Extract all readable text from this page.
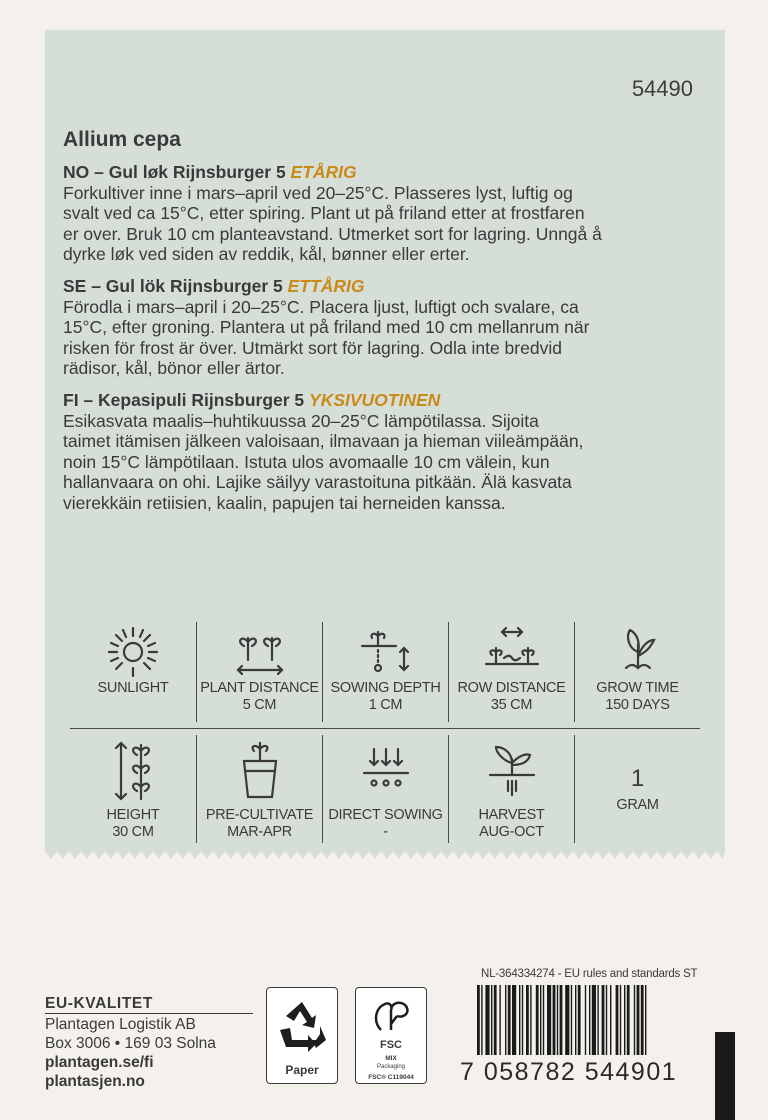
54490
Allium cepa
NO – Gul løk Rijnsburger 5 ETÅRIG
Forkultiver inne i mars–april ved 20–25°C. Plasseres lyst, luftig og
svalt ved ca 15°C, etter spiring. Plant ut på friland etter at frostfaren
er over. Bruk 10 cm planteavstand. Utmerket sort for lagring. Unngå å
dyrke løk ved siden av reddik, kål, bønner eller erter.
SE – Gul lök Rijnsburger 5 ETTÅRIG
Förodla i mars–april i 20–25°C. Placera ljust, luftigt och svalare, ca
15°C, efter groning. Plantera ut på friland med 10 cm mellanrum när
risken för frost är över. Utmärkt sort för lagring. Odla inte bredvid
rädisor, kål, bönor eller ärtor.
FI – Kepasipuli Rijnsburger 5 YKSIVUOTINEN
Esikasvata maalis–huhtikuussa 20–25°C lämpötilassa. Sijoita
taimet itämisen jälkeen valoisaan, ilmavaan ja hieman viileämpään,
noin 15°C lämpötilaan. Istuta ulos avomaalle 10 cm välein, kun
hallanvaara on ohi. Lajike säilyy varastoituna pitkään. Älä kasvata
vierekkäin retiisien, kaalin, papujen tai herneiden kanssa.
SUNLIGHT	PLANT DISTANCE
5 CM
SOWING DEPTH
1 CM
ROW DISTANCE
35 CM
GROW TIME
150 DAYS
HEIGHT
30 CM
PRE-CULTIVATE
MAR-APR
DIRECT SOWING
-
HARVEST
AUG-OCT
1
GRAM
EU-KVALITET
Plantagen Logistik AB
Box 3006 • 169 03 Solna
plantagen.se/fi
plantasjen.no
Paper
FSC
MIX
Packaging
FSC® C119044
NL-364334274 - EU rules and standards ST
7 058782 544901
